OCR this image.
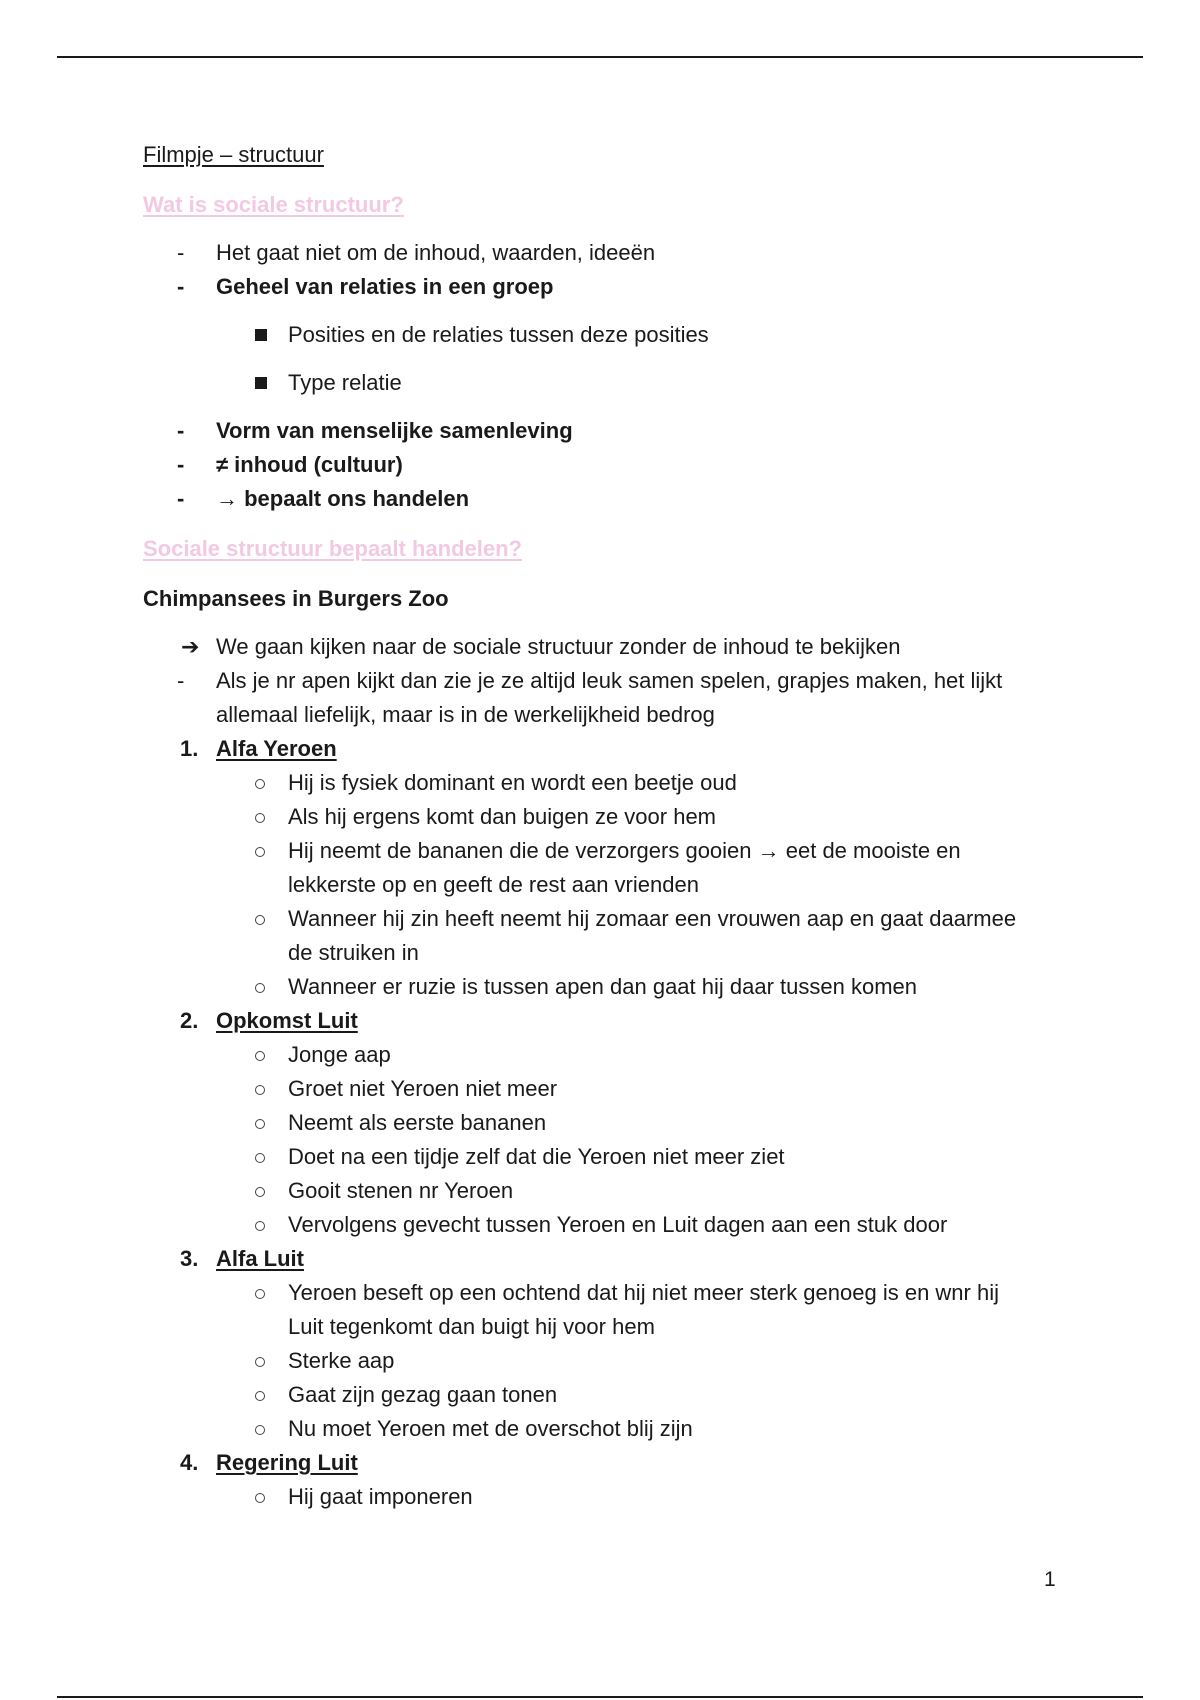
Filmpje – structuur
Wat is sociale structuur?
- Het gaat niet om de inhoud, waarden, ideeën
- Geheel van relaties in een groep
Posities en de relaties tussen deze posities
Type relatie
- Vorm van menselijke samenleving
- ≠ inhoud (cultuur)
- → bepaalt ons handelen
Sociale structuur bepaalt handelen?
Chimpansees in Burgers Zoo
➔ We gaan kijken naar de sociale structuur zonder de inhoud te bekijken
- Als je nr apen kijkt dan zie je ze altijd leuk samen spelen, grapjes maken, het lijkt
allemaal liefelijk, maar is in de werkelijkheid bedrog
1. Alfa Yeroen
Hij is fysiek dominant en wordt een beetje oud
Als hij ergens komt dan buigen ze voor hem
Hij neemt de bananen die de verzorgers gooien → eet de mooiste en
lekkerste op en geeft de rest aan vrienden
Wanneer hij zin heeft neemt hij zomaar een vrouwen aap en gaat daarmee
de struiken in
Wanneer er ruzie is tussen apen dan gaat hij daar tussen komen
2. Opkomst Luit
Jonge aap
Groet niet Yeroen niet meer
Neemt als eerste bananen
Doet na een tijdje zelf dat die Yeroen niet meer ziet
Gooit stenen nr Yeroen
Vervolgens gevecht tussen Yeroen en Luit dagen aan een stuk door
3. Alfa Luit
Yeroen beseft op een ochtend dat hij niet meer sterk genoeg is en wnr hij
Luit tegenkomt dan buigt hij voor hem
Sterke aap
Gaat zijn gezag gaan tonen
Nu moet Yeroen met de overschot blij zijn
4. Regering Luit
Hij gaat imponeren
1
